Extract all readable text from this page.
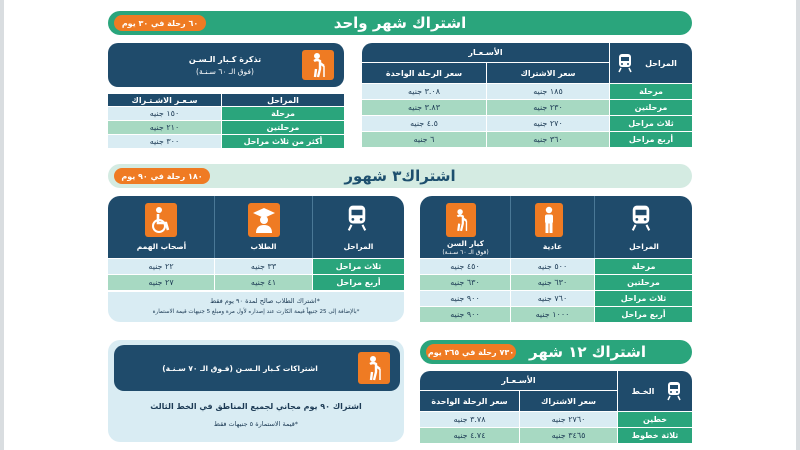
اشتراك شهر واحد
٦٠ رحلة في ٣٠ يوم
المراحل
الأسـعـار
سعر الاشتراك
سعر الرحلة الواحدة
مرحلة
١٨٥ جنيه
٣.٠٨ جنيه
مرحلتين
٢٣٠ جنيه
٣.٨٣ جنيه
ثلاث مراحل
٢٧٠ جنيه
٤.٥ جنيه
أربع مراحل
٣٦٠ جنيه
٦ جنيه
تذكرة كـبار الـسـن
(فوق الـ ٦٠ سـنـة)
المراحل
سـعـر الاشـتـراك
مرحلة
١٥٠ جنيه
مرحلتين
٢١٠ جنيه
أكثر من ثلاث مراحل
٣٠٠ جنيه
اشتراك٣ شهور
١٨٠ رحلة في ٩٠ يوم
المراحل
عادية
كبار السن
(فوق الـ ٦٠ سـنـة)
مرحلة
٥٠٠ جنيه
٤٥٠ جنيه
مرحلتين
٦٣٠ جنيه
٦٣٠ جنيه
ثلاث مراحل
٧٦٠ جنيه
٩٠٠ جنيه
أربع مراحل
١٠٠٠ جنيه
٩٠٠ جنيه
المراحل
الطلاب
أصحاب الهمم
ثلاث مراحل
٣٣ جنيه
٢٢ جنيه
أربع مراحل
٤١ جنيه
٢٧ جنيه
*اشتراك الطلاب صالح لمدة ٩٠ يوم فقط
*بالإضافة إلى 25 جنيهاً قيمة الكارت عند إصداره لأول مرة ومبلغ 5 جنيهات قيمة الاستمارة
اشتراكات كـبار الـسـن (فـوق الـ ٧٠ سـنـة)
اشتراك ٩٠ يوم مجاني لجميع المناطق في الخط الثالث
*قيمة الاستمارة ٥ جنيهات فقط
اشتراك ١٢ شهر
٧٣٠ رحلة في ٣٦٥ يوم
الخـط
الأسـعـار
سعر الاشتراك
سعر الرحلة الواحدة
خطين
٢٧٦٠ جنيه
٣.٧٨ جنيه
ثلاثة خطوط
٣٤٦٥ جنيه
٤.٧٤ جنيه
